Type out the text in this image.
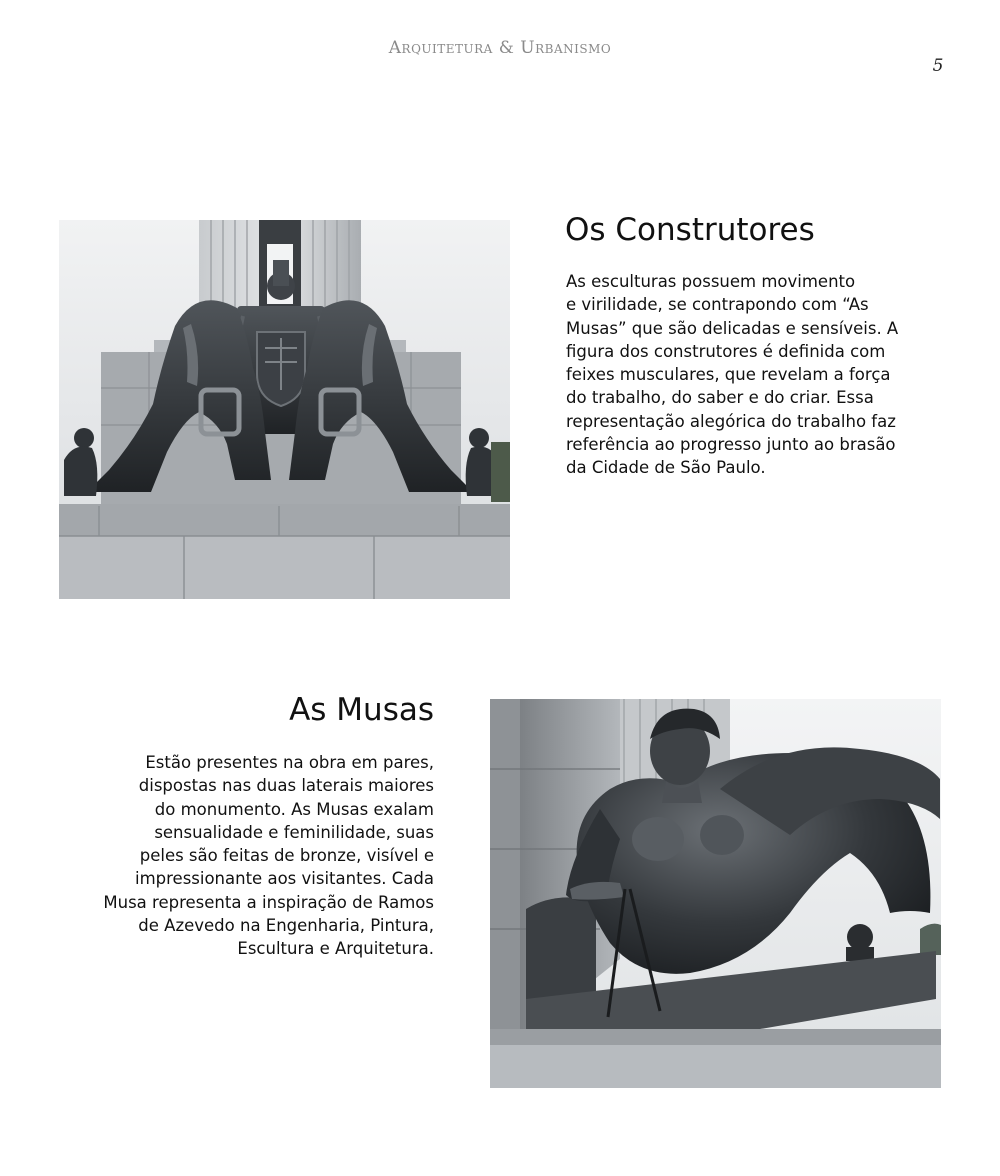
Arquitetura & Urbanismo
5
Os Construtores

As esculturas possuem movimento
e virilidade, se contrapondo com “As
Musas” que são delicadas e sensíveis. A
figura dos construtores é definida com
feixes musculares, que revelam a força
do trabalho, do saber e do criar. Essa
representação alegórica do trabalho faz
referência ao progresso junto ao brasão
da Cidade de São Paulo.

As Musas

Estão presentes na obra em pares,
dispostas nas duas laterais maiores
do monumento. As Musas exalam
sensualidade e feminilidade, suas
peles são feitas de bronze, visível e
impressionante aos visitantes. Cada
Musa representa a inspiração de Ramos
de Azevedo na Engenharia, Pintura,
Escultura e Arquitetura.
